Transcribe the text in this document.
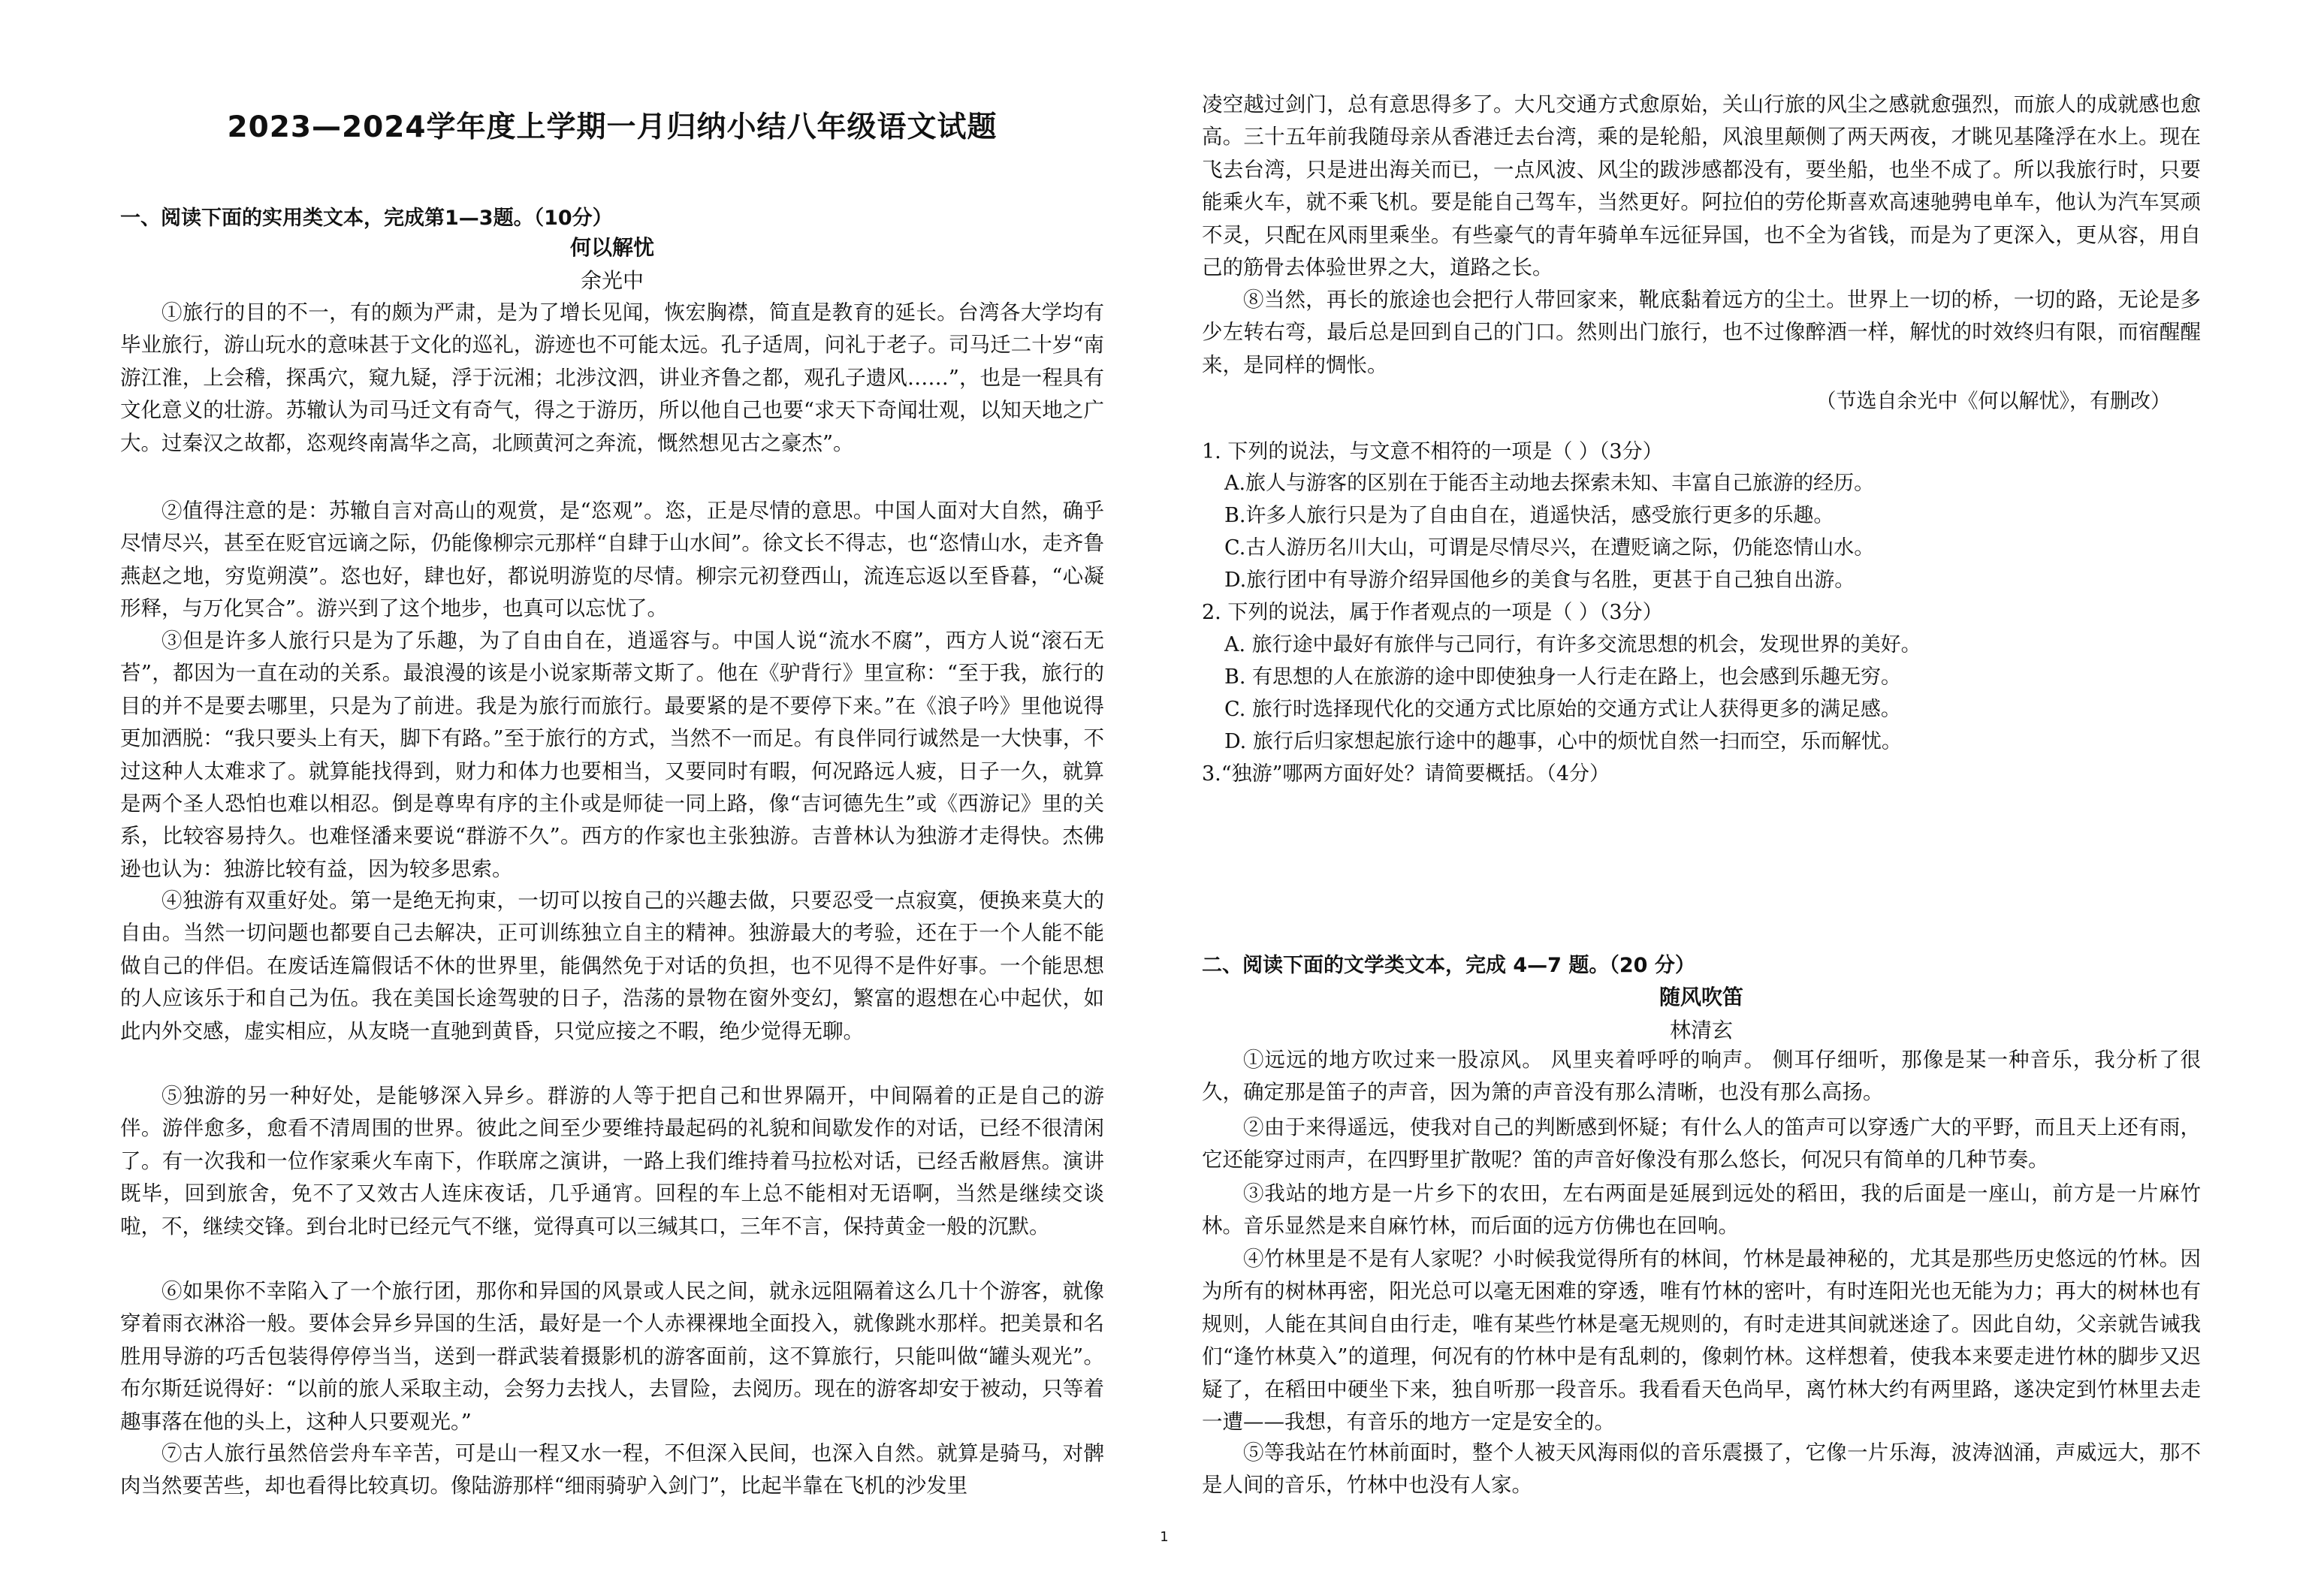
2023—2024学年度上学期一月归纳小结八年级语文试题
一、阅读下面的实用类文本，完成第1—3题。（10分）
何以解忧
余光中

①旅行的目的不一，有的颇为严肃，是为了增长见闻，恢宏胸襟，简直是教育的延长。台湾各大学均有毕业旅行，游山玩水的意味甚于文化的巡礼，游迹也不可能太远。孔子适周，问礼于老子。司马迁二十岁“南游江淮，上会稽，探禹穴，窥九疑，浮于沅湘；北涉汶泗，讲业齐鲁之都，观孔子遗风……”，也是一程具有文化意义的壮游。苏辙认为司马迁文有奇气，得之于游历，所以他自己也要“求天下奇闻壮观，以知天地之广大。过秦汉之故都，恣观终南嵩华之高，北顾黄河之奔流，慨然想见古之豪杰”。

②值得注意的是：苏辙自言对高山的观赏，是“恣观”。恣，正是尽情的意思。中国人面对大自然，确乎尽情尽兴，甚至在贬官远谪之际，仍能像柳宗元那样“自肆于山水间”。徐文长不得志，也“恣情山水，走齐鲁燕赵之地，穷览朔漠”。恣也好，肆也好，都说明游览的尽情。柳宗元初登西山，流连忘返以至昏暮，“心凝形释，与万化冥合”。游兴到了这个地步，也真可以忘忧了。

③但是许多人旅行只是为了乐趣，为了自由自在，逍遥容与。中国人说“流水不腐”，西方人说“滚石无苔”，都因为一直在动的关系。最浪漫的该是小说家斯蒂文斯了。他在《驴背行》里宣称：“至于我，旅行的目的并不是要去哪里，只是为了前进。我是为旅行而旅行。最要紧的是不要停下来。”在《浪子吟》里他说得更加洒脱：“我只要头上有天，脚下有路。”至于旅行的方式，当然不一而足。有良伴同行诚然是一大快事，不过这种人太难求了。就算能找得到，财力和体力也要相当，又要同时有暇，何况路远人疲，日子一久，就算是两个圣人恐怕也难以相忍。倒是尊卑有序的主仆或是师徒一同上路，像“吉诃德先生”或《西游记》里的关系，比较容易持久。也难怪潘来要说“群游不久”。西方的作家也主张独游。吉普林认为独游才走得快。杰佛逊也认为：独游比较有益，因为较多思索。

④独游有双重好处。第一是绝无拘束，一切可以按自己的兴趣去做，只要忍受一点寂寞，便换来莫大的自由。当然一切问题也都要自己去解决，正可训练独立自主的精神。独游最大的考验，还在于一个人能不能做自己的伴侣。在废话连篇假话不休的世界里，能偶然免于对话的负担，也不见得不是件好事。一个能思想的人应该乐于和自己为伍。我在美国长途驾驶的日子，浩荡的景物在窗外变幻，繁富的遐想在心中起伏，如此内外交感，虚实相应，从友晓一直驰到黄昏，只觉应接之不暇，绝少觉得无聊。

⑤独游的另一种好处，是能够深入异乡。群游的人等于把自己和世界隔开，中间隔着的正是自己的游伴。游伴愈多，愈看不清周围的世界。彼此之间至少要维持最起码的礼貌和间歇发作的对话，已经不很清闲了。有一次我和一位作家乘火车南下，作联席之演讲，一路上我们维持着马拉松对话，已经舌敝唇焦。演讲既毕，回到旅舍，免不了又效古人连床夜话，几乎通宵。回程的车上总不能相对无语啊，当然是继续交谈啦，不，继续交锋。到台北时已经元气不继，觉得真可以三缄其口，三年不言，保持黄金一般的沉默。

⑥如果你不幸陷入了一个旅行团，那你和异国的风景或人民之间，就永远阻隔着这么几十个游客，就像穿着雨衣淋浴一般。要体会异乡异国的生活，最好是一个人赤裸裸地全面投入，就像跳水那样。把美景和名胜用导游的巧舌包装得停停当当，送到一群武装着摄影机的游客面前，这不算旅行，只能叫做“罐头观光”。布尔斯廷说得好：“以前的旅人采取主动，会努力去找人，去冒险，去阅历。现在的游客却安于被动，只等着趣事落在他的头上，这种人只要观光。”

⑦古人旅行虽然倍尝舟车辛苦，可是山一程又水一程，不但深入民间，也深入自然。就算是骑马，对髀肉当然要苦些，却也看得比较真切。像陆游那样“细雨骑驴入剑门”，比起半靠在飞机的沙发里

凌空越过剑门，总有意思得多了。大凡交通方式愈原始，关山行旅的风尘之感就愈强烈，而旅人的成就感也愈高。三十五年前我随母亲从香港迁去台湾，乘的是轮船，风浪里颠侧了两天两夜，才眺见基隆浮在水上。现在飞去台湾，只是进出海关而已，一点风波、风尘的跋涉感都没有，要坐船，也坐不成了。所以我旅行时，只要能乘火车，就不乘飞机。要是能自己驾车，当然更好。阿拉伯的劳伦斯喜欢高速驰骋电单车，他认为汽车冥顽不灵，只配在风雨里乘坐。有些豪气的青年骑单车远征异国，也不全为省钱，而是为了更深入，更从容，用自己的筋骨去体验世界之大，道路之长。

⑧当然，再长的旅途也会把行人带回家来，靴底黏着远方的尘土。世界上一切的桥，一切的路，无论是多少左转右弯，最后总是回到自己的门口。然则出门旅行，也不过像醉酒一样，解忧的时效终归有限，而宿醒醒来，是同样的惆怅。

（节选自余光中《何以解忧》，有删改）

1. 下列的说法，与文意不相符的一项是（ ）（3分）

A.旅人与游客的区别在于能否主动地去探索未知、丰富自己旅游的经历。

B.许多人旅行只是为了自由自在，逍遥快活，感受旅行更多的乐趣。

C.古人游历名川大山，可谓是尽情尽兴，在遭贬谪之际，仍能恣情山水。

D.旅行团中有导游介绍异国他乡的美食与名胜，更甚于自己独自出游。

2. 下列的说法，属于作者观点的一项是（ ）（3分）

A. 旅行途中最好有旅伴与己同行，有许多交流思想的机会，发现世界的美好。

B. 有思想的人在旅游的途中即使独身一人行走在路上，也会感到乐趣无穷。

C. 旅行时选择现代化的交通方式比原始的交通方式让人获得更多的满足感。

D. 旅行后归家想起旅行途中的趣事，心中的烦忧自然一扫而空，乐而解忧。

3.“独游”哪两方面好处？请简要概括。（4分）

二、阅读下面的文学类文本，完成 4—7 题。（20 分）
随风吹笛
林清玄

①远远的地方吹过来一股凉风。 风里夹着呼呼的响声。 侧耳仔细听，那像是某一种音乐，我分析了很久，确定那是笛子的声音，因为箫的声音没有那么清晰，也没有那么高扬。

②由于来得遥远，使我对自己的判断感到怀疑；有什么人的笛声可以穿透广大的平野，而且天上还有雨，它还能穿过雨声，在四野里扩散呢？笛的声音好像没有那么悠长，何况只有简单的几种节奏。

③我站的地方是一片乡下的农田，左右两面是延展到远处的稻田，我的后面是一座山，前方是一片麻竹林。音乐显然是来自麻竹林，而后面的远方仿佛也在回响。

④竹林里是不是有人家呢？小时候我觉得所有的林间，竹林是最神秘的，尤其是那些历史悠远的竹林。因为所有的树林再密，阳光总可以毫无困难的穿透，唯有竹林的密叶，有时连阳光也无能为力；再大的树林也有规则，人能在其间自由行走，唯有某些竹林是毫无规则的，有时走进其间就迷途了。因此自幼，父亲就告诫我们“逢竹林莫入”的道理，何况有的竹林中是有乱刺的，像刺竹林。这样想着，使我本来要走进竹林的脚步又迟疑了，在稻田中硬坐下来，独自听那一段音乐。我看看天色尚早，离竹林大约有两里路，遂决定到竹林里去走一遭——我想，有音乐的地方一定是安全的。

⑤等我站在竹林前面时，整个人被天风海雨似的音乐震摄了，它像一片乐海，波涛汹涌，声威远大，那不是人间的音乐，竹林中也没有人家。

1
